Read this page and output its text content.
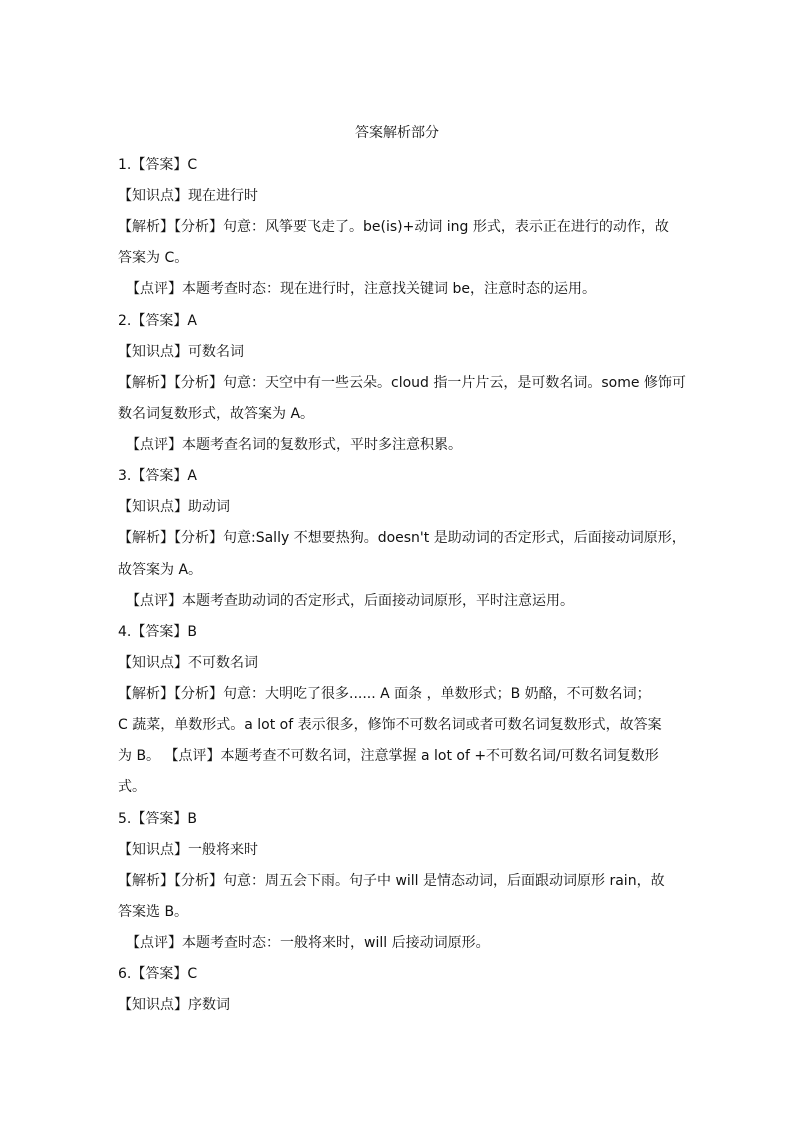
答案解析部分
1.【答案】C
【知识点】现在进行时
【解析】【分析】句意：风筝要飞走了。be(is)+动词 ing 形式，表示正在进行的动作，故
答案为 C。
【点评】本题考查时态：现在进行时，注意找关键词 be，注意时态的运用。
2.【答案】A
【知识点】可数名词
【解析】【分析】句意：天空中有一些云朵。cloud 指一片片云，是可数名词。some 修饰可
数名词复数形式，故答案为 A。
【点评】本题考查名词的复数形式，平时多注意积累。
3.【答案】A
【知识点】助动词
【解析】【分析】句意:Sally 不想要热狗。doesn't 是助动词的否定形式，后面接动词原形，
故答案为 A。
【点评】本题考查助动词的否定形式，后面接动词原形，平时注意运用。
4.【答案】B
【知识点】不可数名词
【解析】【分析】句意：大明吃了很多...... A 面条 ，单数形式；B 奶酪，不可数名词；
C 蔬菜，单数形式。a lot of 表示很多，修饰不可数名词或者可数名词复数形式，故答案
为 B。 【点评】本题考查不可数名词，注意掌握 a lot of +不可数名词/可数名词复数形
式。
5.【答案】B
【知识点】一般将来时
【解析】【分析】句意：周五会下雨。句子中 will 是情态动词，后面跟动词原形 rain，故
答案选 B。
【点评】本题考查时态：一般将来时，will 后接动词原形。
6.【答案】C
【知识点】序数词
